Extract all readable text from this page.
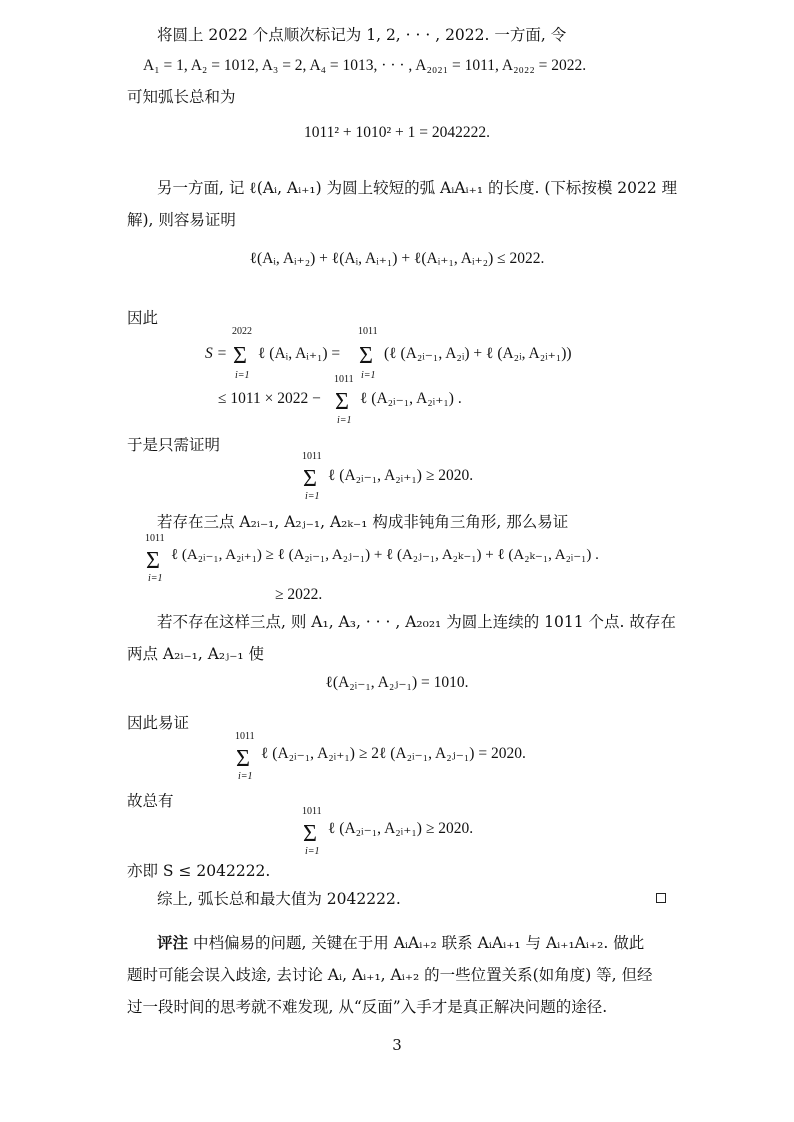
将圆上 2022 个点顺次标记为 1, 2, · · · , 2022. 一方面, 令
A₁ = 1, A₂ = 1012, A₃ = 2, A₄ = 1013, · · · , A₂₀₂₁ = 1011, A₂₀₂₂ = 2022.
可知弧长总和为
1011² + 1010² + 1 = 2042222.
另一方面, 记 ℓ(Aᵢ, Aᵢ₊₁) 为圆上较短的弧 AᵢAᵢ₊₁ 的长度. (下标按模 2022 理
解), 则容易证明
ℓ(Aᵢ, Aᵢ₊₂) + ℓ(Aᵢ, Aᵢ₊₁) + ℓ(Aᵢ₊₁, Aᵢ₊₂) ≤ 2022.
因此
S =
2022
Σ
i=1
ℓ (Aᵢ, Aᵢ₊₁) =
1011
Σ
i=1
(ℓ (A₂ᵢ₋₁, A₂ᵢ) + ℓ (A₂ᵢ, A₂ᵢ₊₁))
≤ 1011 × 2022 −
1011
Σ
i=1
ℓ (A₂ᵢ₋₁, A₂ᵢ₊₁) .
于是只需证明
1011
Σ
i=1
ℓ (A₂ᵢ₋₁, A₂ᵢ₊₁) ≥ 2020.
若存在三点 A₂ᵢ₋₁, A₂ⱼ₋₁, A₂ₖ₋₁ 构成非钝角三角形, 那么易证
1011
Σ
i=1
ℓ (A₂ᵢ₋₁, A₂ᵢ₊₁) ≥ ℓ (A₂ᵢ₋₁, A₂ⱼ₋₁) + ℓ (A₂ⱼ₋₁, A₂ₖ₋₁) + ℓ (A₂ₖ₋₁, A₂ᵢ₋₁) .
≥ 2022.
若不存在这样三点, 则 A₁, A₃, · · · , A₂₀₂₁ 为圆上连续的 1011 个点. 故存在
两点 A₂ᵢ₋₁, A₂ⱼ₋₁ 使
ℓ(A₂ᵢ₋₁, A₂ⱼ₋₁) = 1010.
因此易证
1011
Σ
i=1
ℓ (A₂ᵢ₋₁, A₂ᵢ₊₁) ≥ 2ℓ (A₂ᵢ₋₁, A₂ⱼ₋₁) = 2020.
故总有
1011
Σ
i=1
ℓ (A₂ᵢ₋₁, A₂ᵢ₊₁) ≥ 2020.
亦即 S ≤ 2042222.
综上, 弧长总和最大值为 2042222.
评注 中档偏易的问题, 关键在于用 AᵢAᵢ₊₂ 联系 AᵢAᵢ₊₁ 与 Aᵢ₊₁Aᵢ₊₂. 做此
题时可能会误入歧途, 去讨论 Aᵢ, Aᵢ₊₁, Aᵢ₊₂ 的一些位置关系(如角度) 等, 但经
过一段时间的思考就不难发现, 从“反面”入手才是真正解决问题的途径.
3
